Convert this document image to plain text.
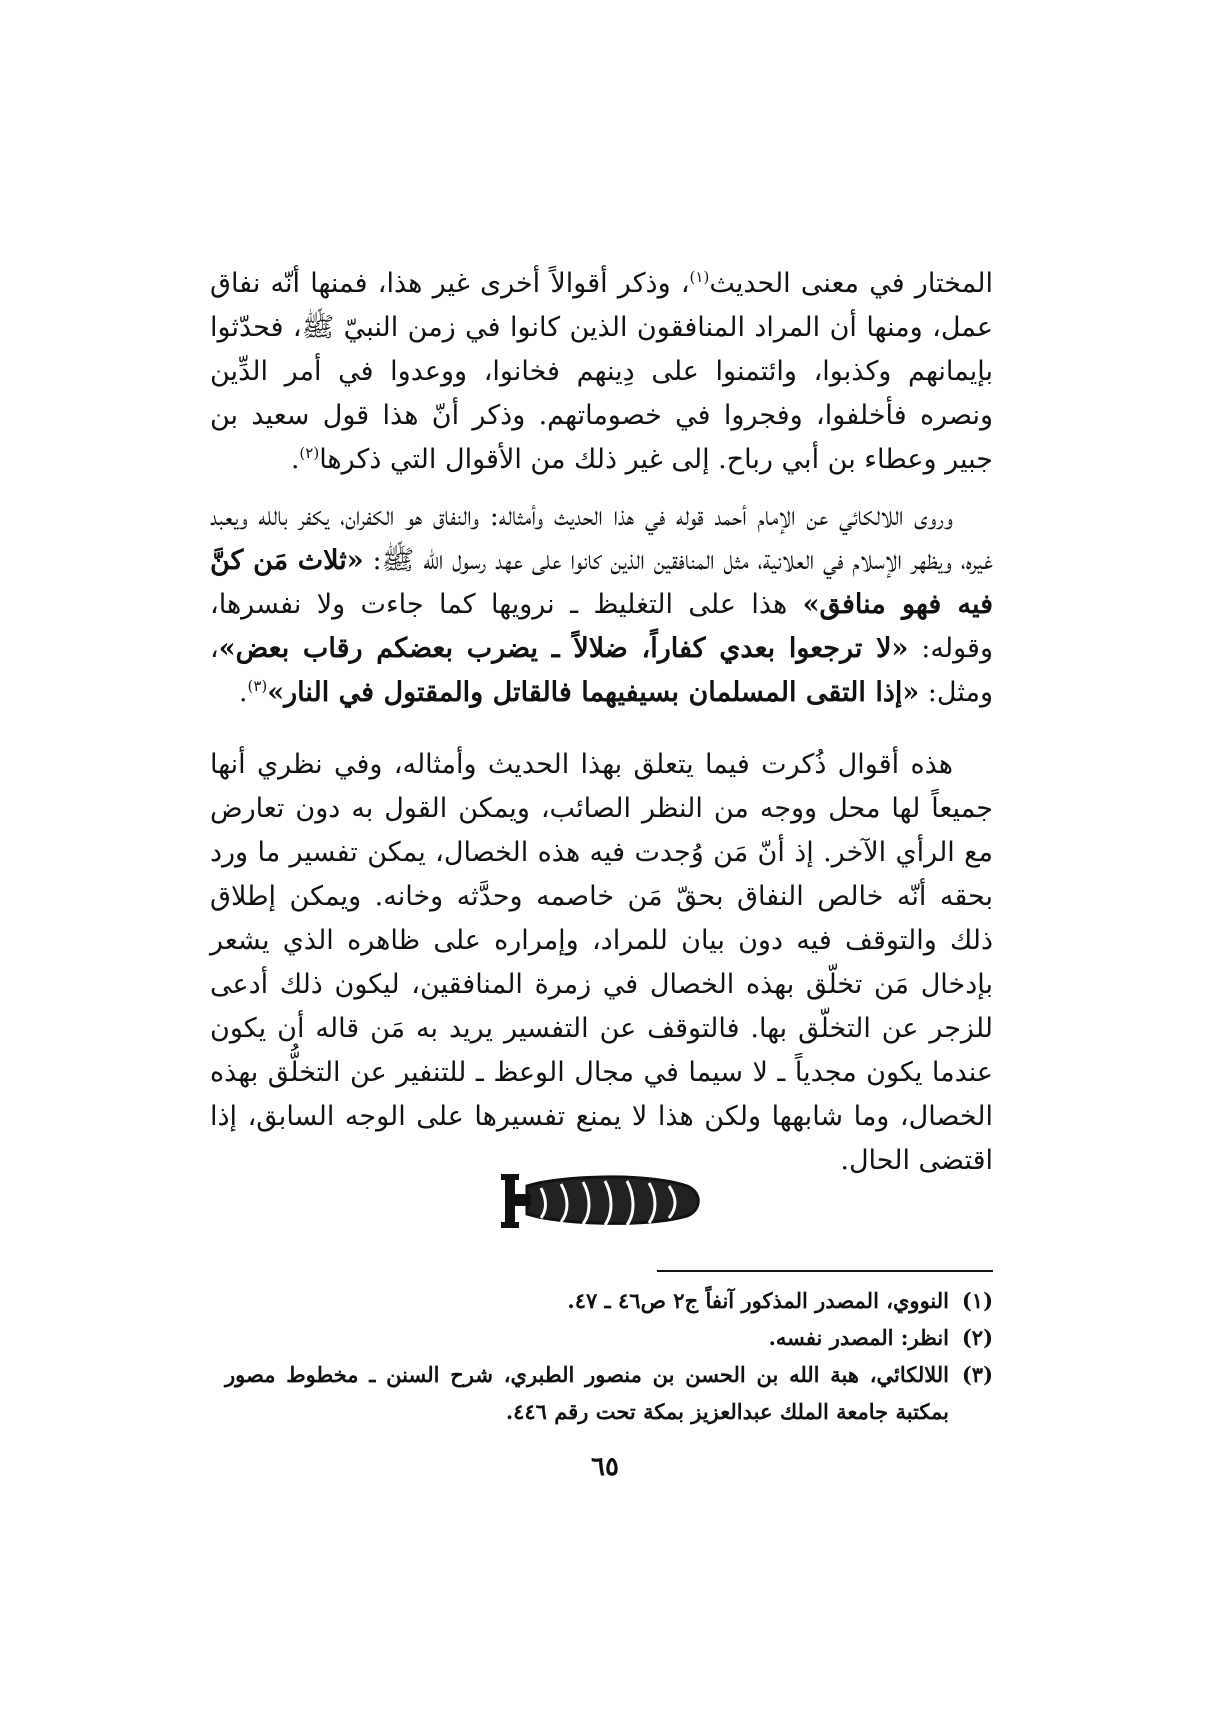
المختار في معنى الحديث$^{(١)}$، وذكر أقوالاً أخرى غير هذا، فمنها أنّه نفاق عمل، ومنها أن المراد المنافقون الذين كانوا في زمن النبيّ ﷺ، فحدّثوا بإيمانهم وكذبوا، وائتمنوا على دِينهم فخانوا، ووعدوا في أمر الدِّين ونصره فأخلفوا، وفجروا في خصوماتهم. وذكر أنّ هذا قول سعيد بن جبير وعطاء بن أبي رباح. إلى غير ذلك من الأقوال التي ذكرها$^{(٢)}$.
وروى اللالكائي عن الإمام أحمد قوله في هذا الحديث وأمثاله: والنفاق هو الكفران، يكفر بالله ويعبد غيره، ويظهر الإسلام في العلانية، مثل المنافقين الذين كانوا على عهد رسول الله ﷺ: «ثلاث مَن كنَّ فيه فهو منافق» هذا على التغليظ ـ نرويها كما جاءت ولا نفسرها، وقوله: «لا ترجعوا بعدي كفاراً، ضلالاً ـ يضرب بعضكم رقاب بعض»، ومثل: «إذا التقى المسلمان بسيفيهما فالقاتل والمقتول في النار»$^{(٣)}$.
هذه أقوال ذُكرت فيما يتعلق بهذا الحديث وأمثاله، وفي نظري أنها جميعاً لها محل ووجه من النظر الصائب، ويمكن القول به دون تعارض مع الرأي الآخر. إذ أنّ مَن وُجدت فيه هذه الخصال، يمكن تفسير ما ورد بحقه أنّه خالص النفاق بحقّ مَن خاصمه وحدَّثه وخانه. ويمكن إطلاق ذلك والتوقف فيه دون بيان للمراد، وإمراره على ظاهره الذي يشعر بإدخال مَن تخلّق بهذه الخصال في زمرة المنافقين، ليكون ذلك أدعى للزجر عن التخلّق بها. فالتوقف عن التفسير يريد به مَن قاله أن يكون عندما يكون مجدياً ـ لا سيما في مجال الوعظ ـ للتنفير عن التخلُّق بهذه الخصال، وما شابهها ولكن هذا لا يمنع تفسيرها على الوجه السابق، إذا اقتضى الحال.
(١)
النووي، المصدر المذكور آنفاً ج٢ ص٤٦ ـ ٤٧.
(٢)
انظر: المصدر نفسه.
(٣)
اللالكائي، هبة الله بن الحسن بن منصور الطبري، شرح السنن ـ مخطوط مصور بمكتبة جامعة الملك عبدالعزيز بمكة تحت رقم ٤٤٦.
٦٥
